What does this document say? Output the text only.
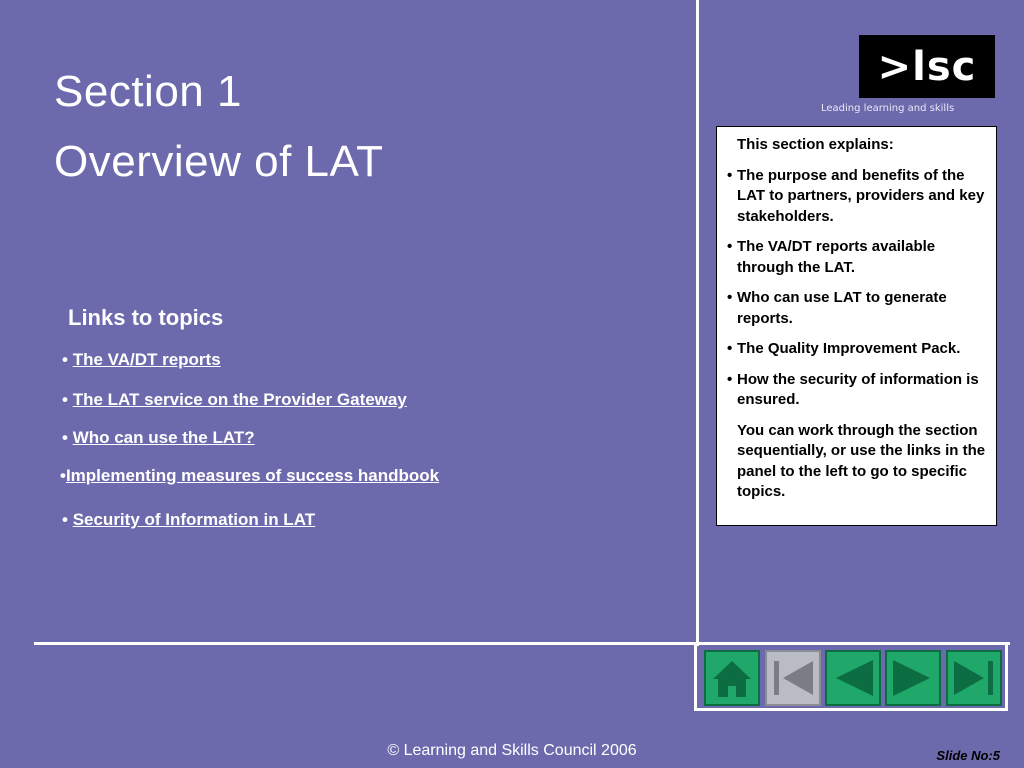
Section 1
Overview of LAT
>lsc
Leading learning and skills
Links to topics
• The VA/DT reports
• The LAT service on the Provider Gateway
• Who can use the LAT?
•Implementing measures of success handbook
• Security of Information in LAT

This section explains:

• The purpose and benefits of the LAT to partners, providers and key stakeholders.
• The VA/DT reports available through the LAT.
• Who can use LAT to generate reports.
• The Quality Improvement Pack.
• How the security of information is ensured.

You can work through the section sequentially, or use the links in the panel to the left to go to specific topics.

© Learning and Skills Council 2006	Slide No:5
